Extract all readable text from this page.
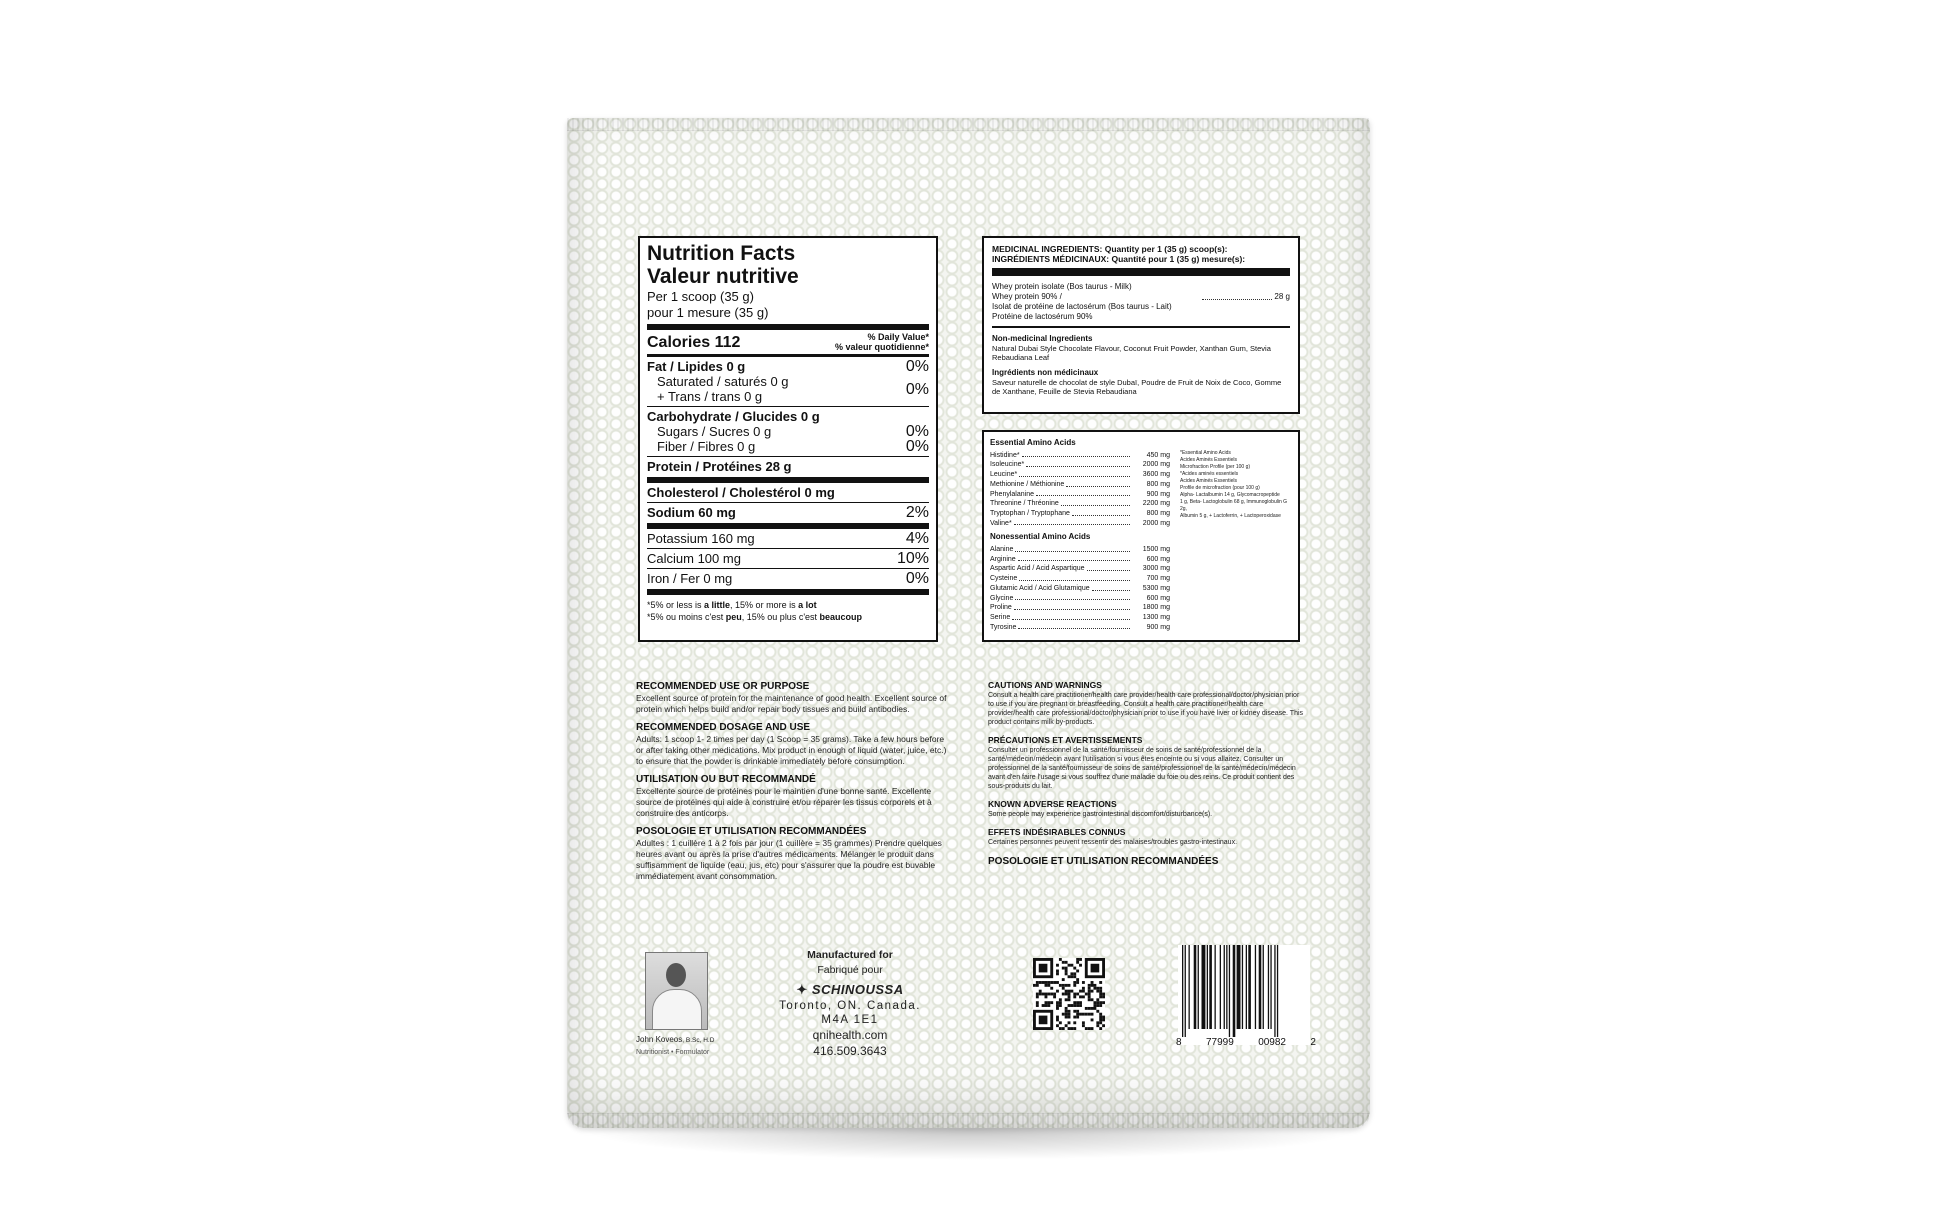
Nutrition Facts
Valeur nutritive
Per 1 scoop (35 g)
pour 1 mesure (35 g)
Calories 112	% Daily Value*
% valeur quotidienne*
Fat / Lipides 0 g	0%
Saturated / saturés 0 g
+ Trans / trans 0 g	0%
Carbohydrate / Glucides 0 g
Sugars / Sucres 0 g	0%
Fiber / Fibres 0 g	0%
Protein / Protéines 28 g
Cholesterol / Cholestérol 0 mg
Sodium 60 mg	2%
Potassium 160 mg	4%
Calcium 100 mg	10%
Iron / Fer 0 mg	0%
*5% or less is a little, 15% or more is a lot
*5% ou moins c'est peu, 15% ou plus c'est beaucoup
MEDICINAL INGREDIENTS: Quantity per 1 (35 g) scoop(s):
INGRÉDIENTS MÉDICINAUX: Quantité pour 1 (35 g) mesure(s):
Whey protein isolate (Bos taurus - Milk)
Whey protein 90% /	28 g
Isolat de protéine de lactosérum (Bos taurus - Lait)
Protéine de lactosérum 90%
Non-medicinal Ingredients
Natural Dubai Style Chocolate Flavour, Coconut Fruit Powder, Xanthan Gum, Stevia Rebaudiana Leaf
Ingrédients non médicinaux
Saveur naturelle de chocolat de style Dubaï, Poudre de Fruit de Noix de Coco, Gomme de Xanthane, Feuille de Stevia Rebaudiana
Essential Amino Acids
Histidine*	450 mg
Isoleucine*	2000 mg
Leucine*	3600 mg
Methionine / Méthionine	800 mg
Phenylalanine	900 mg
Threonine / Thréonine	2200 mg
Tryptophan / Tryptophane	800 mg
Valine*	2000 mg
Nonessential Amino Acids
Alanine	1500 mg
Arginine	600 mg
Aspartic Acid / Acid Aspartique	3000 mg
Cysteine	700 mg
Glutamic Acid / Acid Glutamique	5300 mg
Glycine	600 mg
Proline	1800 mg
Serine	1300 mg
Tyrosine	900 mg
*Essential Amino Acids
Acides Aminés Essentiels
Microfraction Profile (per 100 g)
*Acides aminés essentiels
Acides Aminés Essentiels
Profile de microfraction (pour 100 g)
Alpha- Lactalbumin 14 g, Glycomacropeptide
1 g, Beta- Lactoglobulin 68 g, Immunoglobulin G 2g,
Albumin 5 g, + Lactoferrin, + Lactoperoxidase
RECOMMENDED USE OR PURPOSE
Excellent source of protein for the maintenance of good health. Excellent source of protein which helps build and/or repair body tissues and build antibodies.
RECOMMENDED DOSAGE AND USE
Adults: 1 scoop 1- 2 times per day (1 Scoop = 35 grams). Take a few hours before or after taking other medications. Mix product in enough of liquid (water, juice, etc.) to ensure that the powder is drinkable immediately before consumption.
UTILISATION OU BUT RECOMMANDÉ
Excellente source de protéines pour le maintien d'une bonne santé. Excellente source de protéines qui aide à construire et/ou réparer les tissus corporels et à construire des anticorps.
POSOLOGIE ET UTILISATION RECOMMANDÉES
Adultes : 1 cuillère 1 à 2 fois par jour (1 cuillère = 35 grammes) Prendre quelques heures avant ou après la prise d'autres médicaments. Mélanger le produit dans suffisamment de liquide (eau, jus, etc) pour s'assurer que la poudre est buvable immédiatement avant consommation.
CAUTIONS AND WARNINGS
Consult a health care practitioner/health care provider/health care professional/doctor/physician prior to use if you are pregnant or breastfeeding. Consult a health care practitioner/health care provider/health care professional/doctor/physician prior to use if you have liver or kidney disease. This product contains milk by-products.
PRÉCAUTIONS ET AVERTISSEMENTS
Consulter un professionnel de la santé/fournisseur de soins de santé/professionnel de la santé/médecin/médecin avant l'utilisation si vous êtes enceinte ou si vous allaitez. Consulter un professionnel de la santé/fournisseur de soins de santé/professionnel de la santé/médecin/médecin avant d'en faire l'usage si vous souffrez d'une maladie du foie ou des reins. Ce produit contient des sous-produits du lait.
KNOWN ADVERSE REACTIONS
Some people may experience gastrointestinal discomfort/disturbance(s).
EFFETS INDÉSIRABLES CONNUS
Certaines personnes peuvent ressentir des malaises/troubles gastro-intestinaux.
POSOLOGIE ET UTILISATION RECOMMANDÉES
John Koveos, B.Sc, H.D
Nutritionist • Formulator
Manufactured for
Fabriqué pour
✦ SCHINOUSSA
Toronto, ON. Canada.
M4A 1E1
qnihealth.com
416.509.3643
8 77999 00982 2
